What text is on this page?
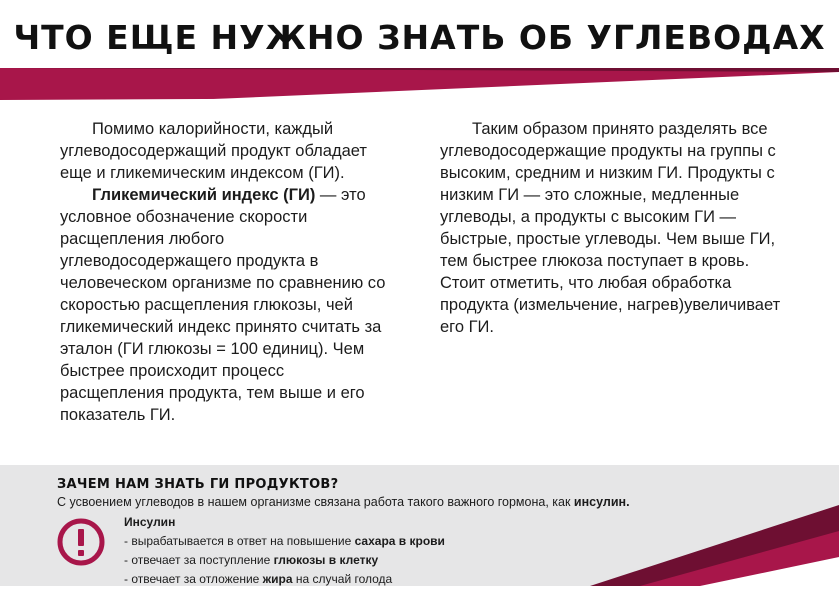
ЧТО ЕЩЕ НУЖНО ЗНАТЬ ОБ УГЛЕВОДАХ

Помимо калорийности, каждый углеводосодержащий продукт обладает еще и гликемическим индексом (ГИ).

Гликемический индекс (ГИ) — это условное обозначение скорости расщепления любого углеводосодержащего продукта в человеческом организме по сравнению со скоростью расщепления глюкозы, чей гликемический индекс принято считать за эталон (ГИ глюкозы = 100 единиц). Чем быстрее происходит процесс расщепления продукта, тем выше и его показатель ГИ.

Таким образом принято разделять все углеводосодержащие продукты на группы с высоким, средним и низким ГИ. Продукты с низким ГИ — это сложные, медленные углеводы, а продукты с высоким ГИ — быстрые, простые углеводы. Чем выше ГИ, тем быстрее глюкоза поступает в кровь. Стоит отметить, что любая обработка продукта (измельчение, нагрев)увеличивает его ГИ.

ЗАЧЕМ НАМ ЗНАТЬ ГИ ПРОДУКТОВ?
С усвоением углеводов в нашем организме связана работа такого важного гормона, как инсулин.
Инсулин
- вырабатывается в ответ на повышение сахара в крови
- отвечает за поступление глюкозы в клетку
- отвечает за отложение жира на случай голода
